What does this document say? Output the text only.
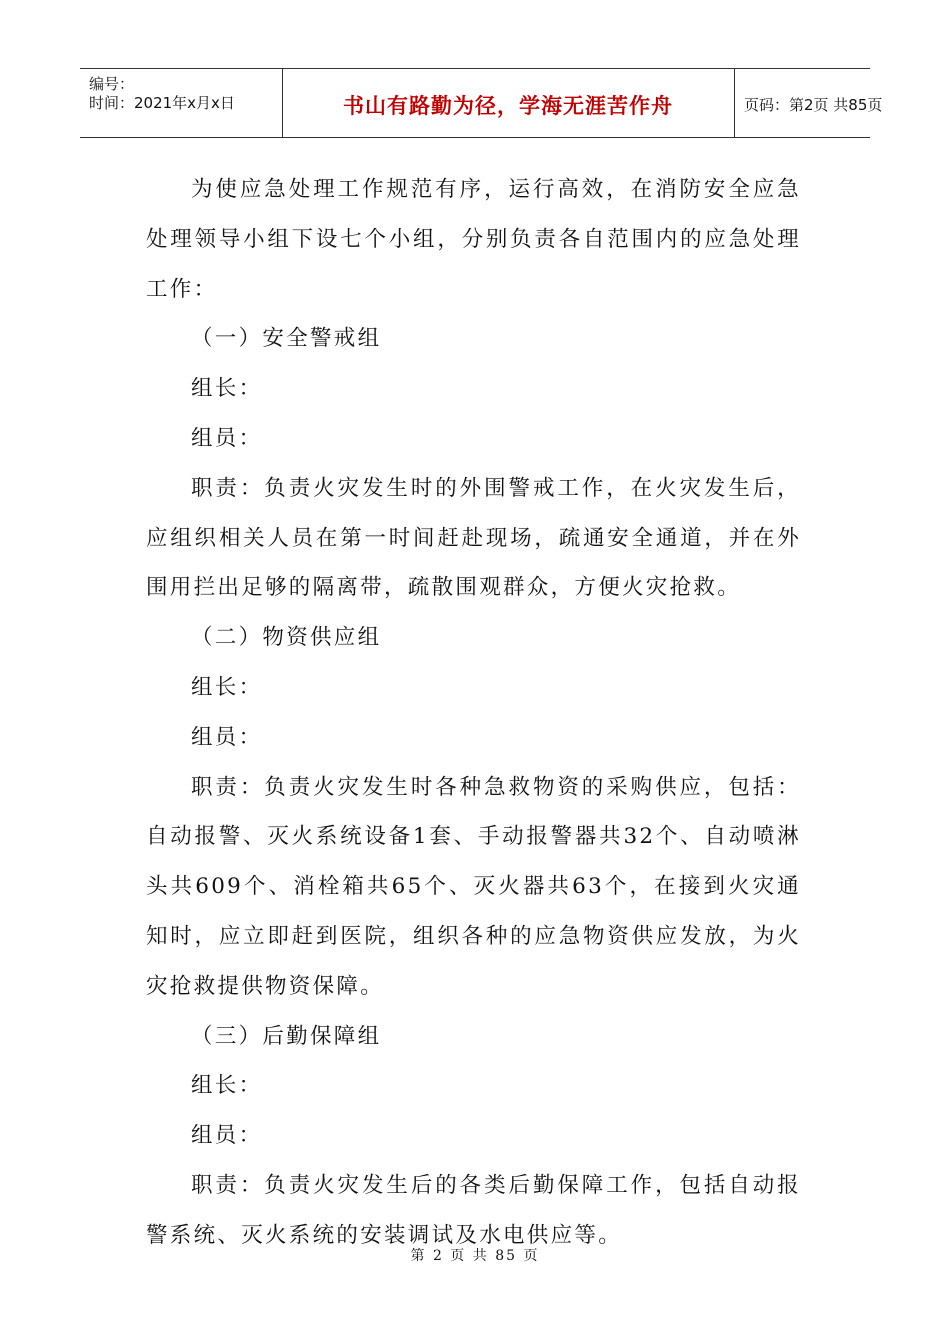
编号：
时间：2021年x月x日	书山有路勤为径，学海无涯苦作舟	页码：第2页 共85页

为使应急处理工作规范有序，运行高效，在消防安全应急处理领导小组下设七个小组，分别负责各自范围内的应急处理工作：

（一）安全警戒组

组长：

组员：

职责：负责火灾发生时的外围警戒工作，在火灾发生后，应组织相关人员在第一时间赶赴现场，疏通安全通道，并在外围用拦出足够的隔离带，疏散围观群众，方便火灾抢救。

（二）物资供应组

组长：

组员：

职责：负责火灾发生时各种急救物资的采购供应，包括：自动报警、灭火系统设备1套、手动报警器共32个、自动喷淋头共609个、消栓箱共65个、灭火器共63个，在接到火灾通知时，应立即赶到医院，组织各种的应急物资供应发放，为火灾抢救提供物资保障。

（三）后勤保障组

组长：

组员：

职责：负责火灾发生后的各类后勤保障工作，包括自动报警系统、灭火系统的安装调试及水电供应等。

第 2 页 共 85 页
